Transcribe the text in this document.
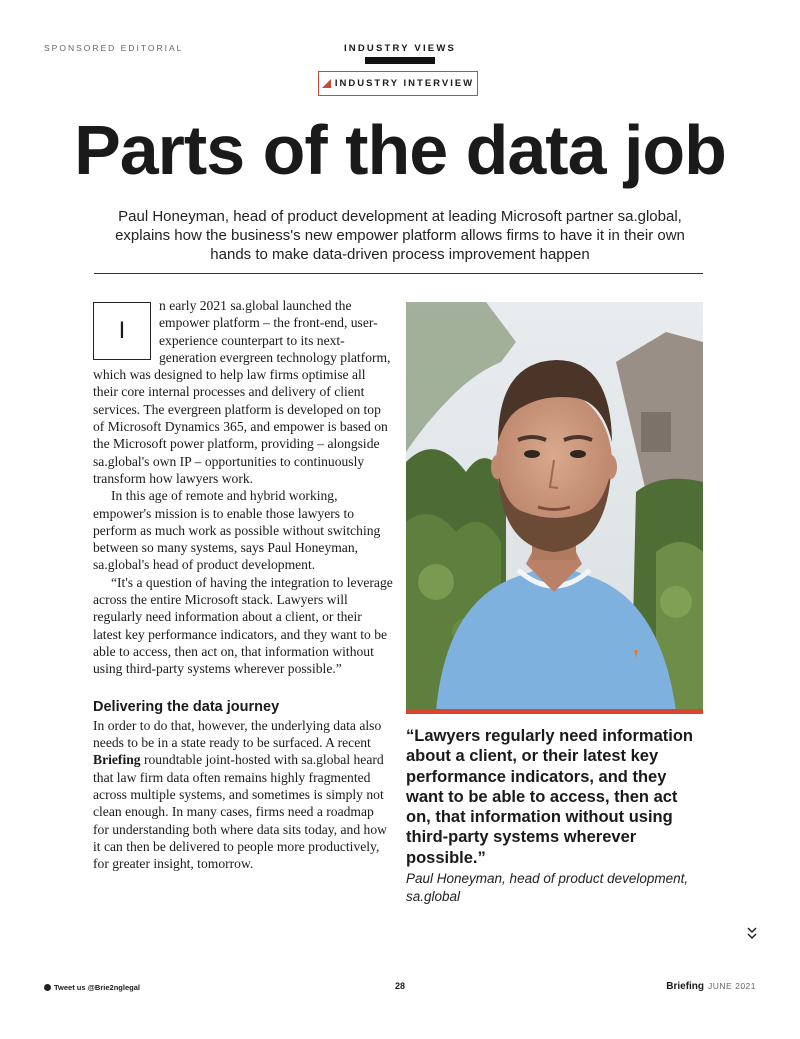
SPONSORED EDITORIAL	INDUSTRY VIEWS
INDUSTRY INTERVIEW
Parts of the data job
Paul Honeyman, head of product development at leading Microsoft partner sa.global, explains how the business's new empower platform allows firms to have it in their own hands to make data-driven process improvement happen

I
n early 2021 sa.global launched the empower platform – the front-end, user-experience counterpart to its next-generation evergreen technology platform, which was designed to help law firms optimise all their core internal processes and delivery of client services. The evergreen platform is developed on top of Microsoft Dynamics 365, and empower is based on the Microsoft power platform, providing – alongside sa.global's own IP – opportunities to continuously transform how lawyers work.

In this age of remote and hybrid working, empower's mission is to enable those lawyers to perform as much work as possible without switching between so many systems, says Paul Honeyman, sa.global's head of product development.

“It's a question of having the integration to leverage across the entire Microsoft stack. Lawyers will regularly need information about a client, or their latest key performance indicators, and they want to be able to access, then act on, that information without using third-party systems wherever possible.”

Delivering the data journey

In order to do that, however, the underlying data also needs to be in a state ready to be surfaced. A recent Briefing roundtable joint-hosted with sa.global heard that law firm data often remains highly fragmented across multiple systems, and sometimes is simply not clean enough. In many cases, firms need a roadmap for understanding both where data sits today, and how it can then be delivered to people more productively, for greater insight, tomorrow.

“Lawyers regularly need information about a client, or their latest key performance indicators, and they want to be able to access, then act on, that information without using third-party systems wherever possible.”
Paul Honeyman, head of product development, sa.global
Tweet us @Brie2nglegal	28	Briefing JUNE 2021
